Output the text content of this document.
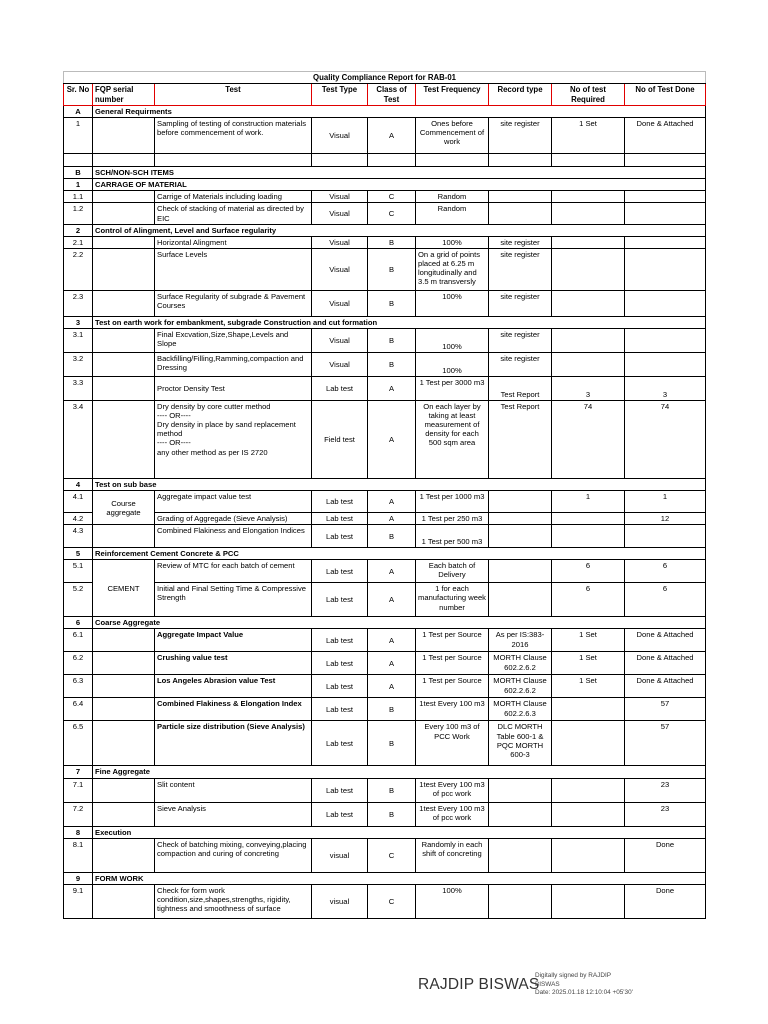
Quality Compliance Report for RAB-01								
Sr. No	FQP serial number	Test	Test Type	Class of Test	Test Frequency	Record type	No of test Required	No of Test Done
A	General Requirments							
1		Sampling of testing of construction materials before commencement of work.	Visual	A	Ones before Commencement of work	site register	1 Set	Done & Attached

B	SCH/NON-SCH ITEMS							
1	CARRAGE OF MATERIAL							
1.1		Carrige of Materials including loading	Visual	C	Random			
1.2		Check of stacking of material as directed by EIC	Visual	C	Random			
2	Control of Alingment, Level and Surface regularity							
2.1		Horizontal Alingment	Visual	B	100%	site register		
2.2		Surface Levels	Visual	B	On a grid of points placed at 6.25 m longitudinally and 3.5 m transversly	site register		
2.3		Surface Regularity of subgrade & Pavement Courses	Visual	B	100%	site register		
3	Test on earth work for embankment, subgrade Construction and cut formation							
3.1		Final Excvation,Size,Shape,Levels and Slope	Visual	B	100%	site register		
3.2		Backfilling/Filling,Ramming,compaction and Dressing	Visual	B	100%	site register		
3.3		Proctor Density Test	Lab test	A	1 Test per 3000 m3	Test Report	3	3
3.4		Dry density by core cutter method
---- OR----
Dry density in place by sand replacement method
---- OR----
any other method as per IS 2720	Field test	A	On each layer by taking at least measurement of density for each 500 sqm area	Test Report	74	74
4	Test on sub base							
4.1	Course aggregate	Aggregate impact value test	Lab test	A	1 Test per 1000 m3		1	1
4.2		Grading of Aggregade (Sieve Analysis)	Lab test	A	1 Test per 250 m3			12
4.3		Combined Flakiness and Elongation Indices	Lab test	B	1 Test per 500 m3			
5	Reinforcement Cement Concrete & PCC							
5.1	CEMENT	Review of MTC for each batch of cement	Lab test	A	Each batch of Delivery		6	6
5.2		Initial and Final Setting Time & Compressive Strength	Lab test	A	1 for each manufacturing week number		6	6
6	Coarse Aggregate							
6.1		Aggregate Impact Value	Lab test	A	1 Test per Source	As per IS:383-2016	1 Set	Done & Attached
6.2		Crushing value test	Lab test	A	1 Test per Source	MORTH Clause 602.2.6.2	1 Set	Done & Attached
6.3		Los Angeles Abrasion value Test	Lab test	A	1 Test per Source	MORTH Clause 602.2.6.2	1 Set	Done & Attached
6.4		Combined Flakiness & Elongation Index	Lab test	B	1test Every 100 m3	MORTH Clause 602.2.6.3		57
6.5		Particle size distribution (Sieve Analysis)	Lab test	B	Every 100 m3 of PCC Work	DLC MORTH Table 600-1 & PQC MORTH 600-3		57
7	Fine Aggregate							
7.1		Slit content	Lab test	B	1test Every 100 m3 of pcc work			23
7.2		Sieve Analysis	Lab test	B	1test Every 100 m3 of pcc work			23
8	Execution							
8.1		Check of batching mixing, conveying,placing compaction and curing of concreting	visual	C	Randomly in each shift of concreting			Done
9	FORM WORK							
9.1		Check for form work condition,size,shapes,strengths, rigidity, tightness and smoothness of surface	visual	C	100%			Done
RAJDIP BISWAS
Digitally signed by RAJDIP
BISWAS
Date: 2025.01.18 12:10:04 +05'30'
